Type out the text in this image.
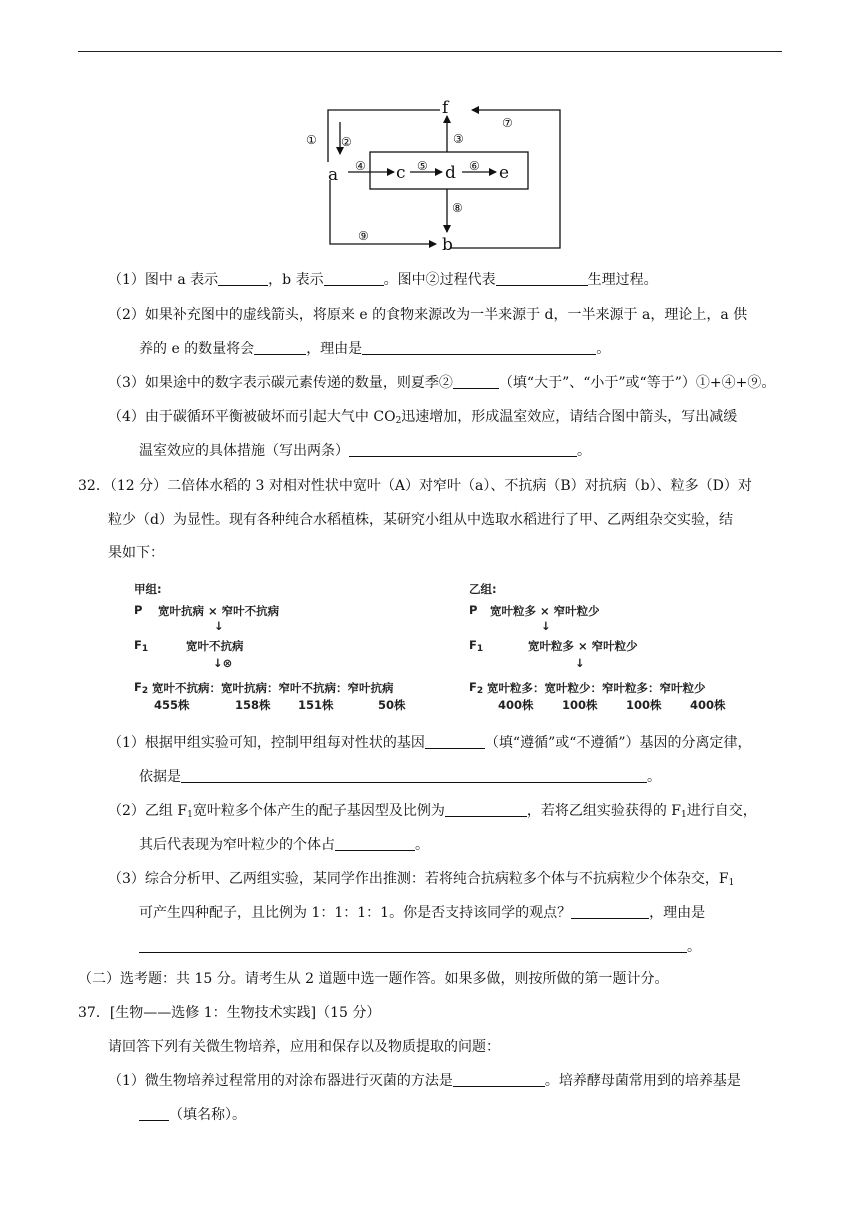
f
a	c d	e
b
① ②	③
④	⑤	⑥
⑦
⑧
⑨
（1）图中 a 表示	，b 表示	。图中②过程代表	生理过程。
（2）如果补充图中的虚线箭头，将原来 e 的食物来源改为一半来源于 d，一半来源于 a，理论上，a 供
养的 e 的数量将会	，理由是	。
（3）如果途中的数字表示碳元素传递的数量，则夏季②	（填“大于”、“小于”或“等于”）①+④+⑨。
（4）由于碳循环平衡被破坏而引起大气中 $CO_2$迅速增加，形成温室效应，请结合图中箭头，写出减缓
温室效应的具体措施（写出两条）	。
32．（12 分）二倍体水稻的 3 对相对性状中宽叶（A）对窄叶（a）、不抗病（B）对抗病（b）、粒多（D）对
粒少（d）为显性。现有各种纯合水稻植株，某研究小组从中选取水稻进行了甲、乙两组杂交实验，结
果如下：
甲组:
P 宽叶抗病 × 窄叶不抗病
↓
$F_1$	宽叶不抗病
↓⊗
$F_2$ 宽叶不抗病：宽叶抗病：窄叶不抗病：窄叶抗病
455株	158株 151株	50株
乙组:
P 宽叶粒多 × 窄叶粒少
↓
$F_1$	宽叶粒多 × 窄叶粒少
↓
$F_2$ 宽叶粒多：宽叶粒少：窄叶粒多：窄叶粒少
400株 100株 100株 400株
（1）根据甲组实验可知，控制甲组每对性状的基因	（填“遵循”或“不遵循”）基因的分离定律，
依据是	。
（2）乙组 $F_1$宽叶粒多个体产生的配子基因型及比例为	，若将乙组实验获得的 $F_1$进行自交，
其后代表现为窄叶粒少的个体占	。
（3）综合分析甲、乙两组实验，某同学作出推测：若将纯合抗病粒多个体与不抗病粒少个体杂交，$F_1$
可产生四种配子，且比例为 1：1：1：1。你是否支持该同学的观点？	，理由是
。
（二）选考题：共 15 分。请考生从 2 道题中选一题作答。如果多做，则按所做的第一题计分。
37．[生物——选修 1：生物技术实践]（15 分）
请回答下列有关微生物培养，应用和保存以及物质提取的问题：
（1）微生物培养过程常用的对涂布器进行灭菌的方法是	。培养酵母菌常用到的培养基是
（填名称）。
